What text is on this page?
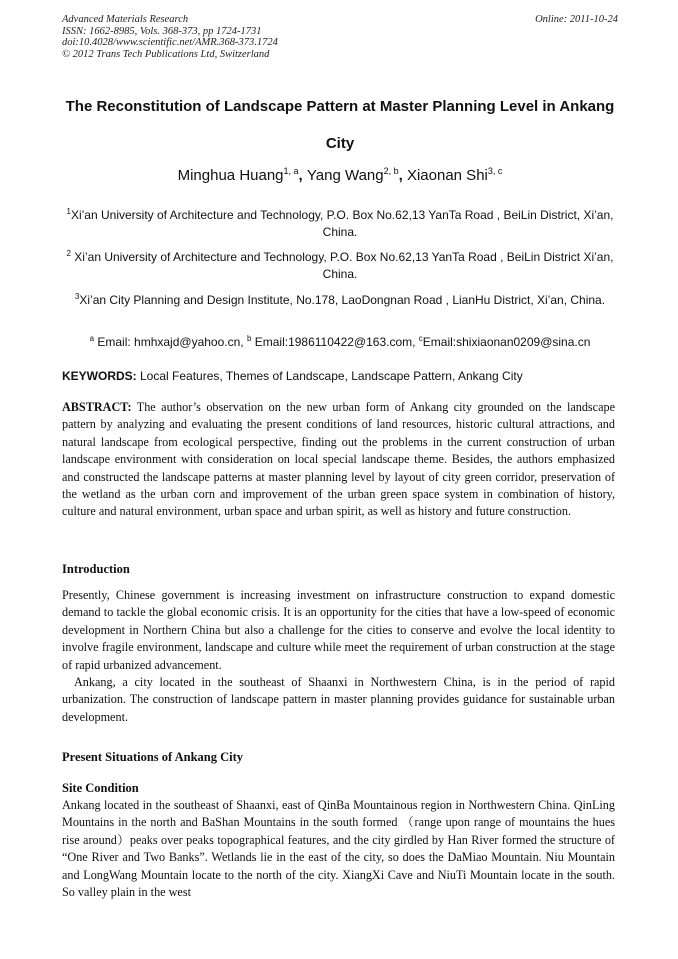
Advanced Materials Research
ISSN: 1662-8985, Vols. 368-373, pp 1724-1731
doi:10.4028/www.scientific.net/AMR.368-373.1724
© 2012 Trans Tech Publications Ltd, Switzerland
Online: 2011-10-24
The Reconstitution of Landscape Pattern at Master Planning Level in Ankang City
Minghua Huang$^{1, a}$, Yang Wang$^{2, b}$, Xiaonan Shi$^{3, c}$
$^1$Xi’an University of Architecture and Technology, P.O. Box No.62,13 YanTa Road , BeiLin District, Xi’an, China.
$^2$ Xi’an University of Architecture and Technology, P.O. Box No.62,13 YanTa Road , BeiLin District Xi’an, China.
$^3$Xi’an City Planning and Design Institute, No.178, LaoDongnan Road , LianHu District, Xi’an, China.
$^a$ Email: hmhxajd@yahoo.cn, $^b$ Email:1986110422@163.com, $^c$Email:shixiaonan0209@sina.cn
KEYWORDS: Local Features, Themes of Landscape, Landscape Pattern, Ankang City
ABSTRACT: The author’s observation on the new urban form of Ankang city grounded on the landscape pattern by analyzing and evaluating the present conditions of land resources, historic cultural attractions, and natural landscape from ecological perspective, finding out the problems in the current construction of urban landscape environment with consideration on local special landscape theme. Besides, the authors emphasized and constructed the landscape patterns at master planning level by layout of city green corridor, preservation of the wetland as the urban corn and improvement of the urban green space system in combination of history, culture and natural environment, urban space and urban spirit, as well as history and future construction.
Introduction

Presently, Chinese government is increasing investment on infrastructure construction to expand domestic demand to tackle the global economic crisis. It is an opportunity for the cities that have a low-speed of economic development in Northern China but also a challenge for the cities to conserve and evolve the local identity to involve fragile environment, landscape and culture while meet the requirement of urban construction at the stage of rapid urbanized advancement.

Ankang, a city located in the southeast of Shaanxi in Northwestern China, is in the period of rapid urbanization. The construction of landscape pattern in master planning provides guidance for sustainable urban development.

Present Situations of Ankang City
Site Condition
Ankang located in the southeast of Shaanxi, east of QinBa Mountainous region in Northwestern China. QinLing Mountains in the north and BaShan Mountains in the south formed （range upon range of mountains the hues rise around）peaks over peaks topographical features, and the city girdled by Han River formed the structure of “One River and Two Banks”. Wetlands lie in the east of the city, so does the DaMiao Mountain. Niu Mountain and LongWang Mountain locate to the north of the city. XiangXi Cave and NiuTi Mountain locate in the south. So valley plain in the west
